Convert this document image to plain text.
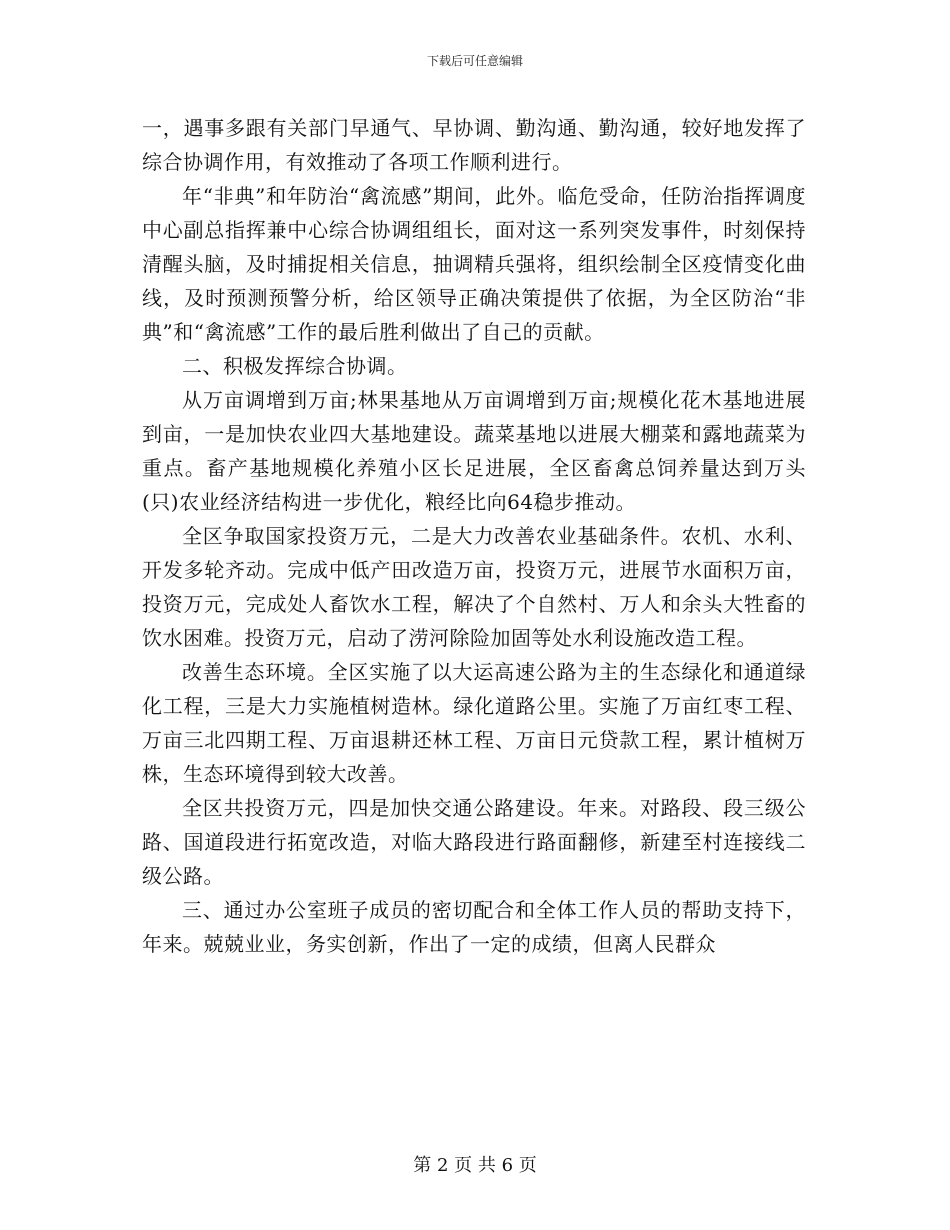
下载后可任意编辑

一，遇事多跟有关部门早通气、早协调、勤沟通、勤沟通，较好地发挥了综合协调作用，有效推动了各项工作顺利进行。

年“非典”和年防治“禽流感”期间，此外。临危受命，任防治指挥调度中心副总指挥兼中心综合协调组组长，面对这一系列突发事件，时刻保持清醒头脑，及时捕捉相关信息，抽调精兵强将，组织绘制全区疫情变化曲线，及时预测预警分析，给区领导正确决策提供了依据，为全区防治“非典”和“禽流感”工作的最后胜利做出了自己的贡献。

二、积极发挥综合协调。

从万亩调增到万亩;林果基地从万亩调增到万亩;规模化花木基地进展到亩，一是加快农业四大基地建设。蔬菜基地以进展大棚菜和露地蔬菜为重点。畜产基地规模化养殖小区长足进展，全区畜禽总饲养量达到万头(只)农业经济结构进一步优化，粮经比向64稳步推动。

全区争取国家投资万元，二是大力改善农业基础条件。农机、水利、开发多轮齐动。完成中低产田改造万亩，投资万元，进展节水面积万亩，投资万元，完成处人畜饮水工程，解决了个自然村、万人和余头大牲畜的饮水困难。投资万元，启动了涝河除险加固等处水利设施改造工程。

改善生态环境。全区实施了以大运高速公路为主的生态绿化和通道绿化工程，三是大力实施植树造林。绿化道路公里。实施了万亩红枣工程、万亩三北四期工程、万亩退耕还林工程、万亩日元贷款工程，累计植树万株，生态环境得到较大改善。

全区共投资万元，四是加快交通公路建设。年来。对路段、段三级公路、国道段进行拓宽改造，对临大路段进行路面翻修，新建至村连接线二级公路。

三、通过办公室班子成员的密切配合和全体工作人员的帮助支持下，年来。兢兢业业，务实创新，作出了一定的成绩，但离人民群众

第 2 页 共 6 页
